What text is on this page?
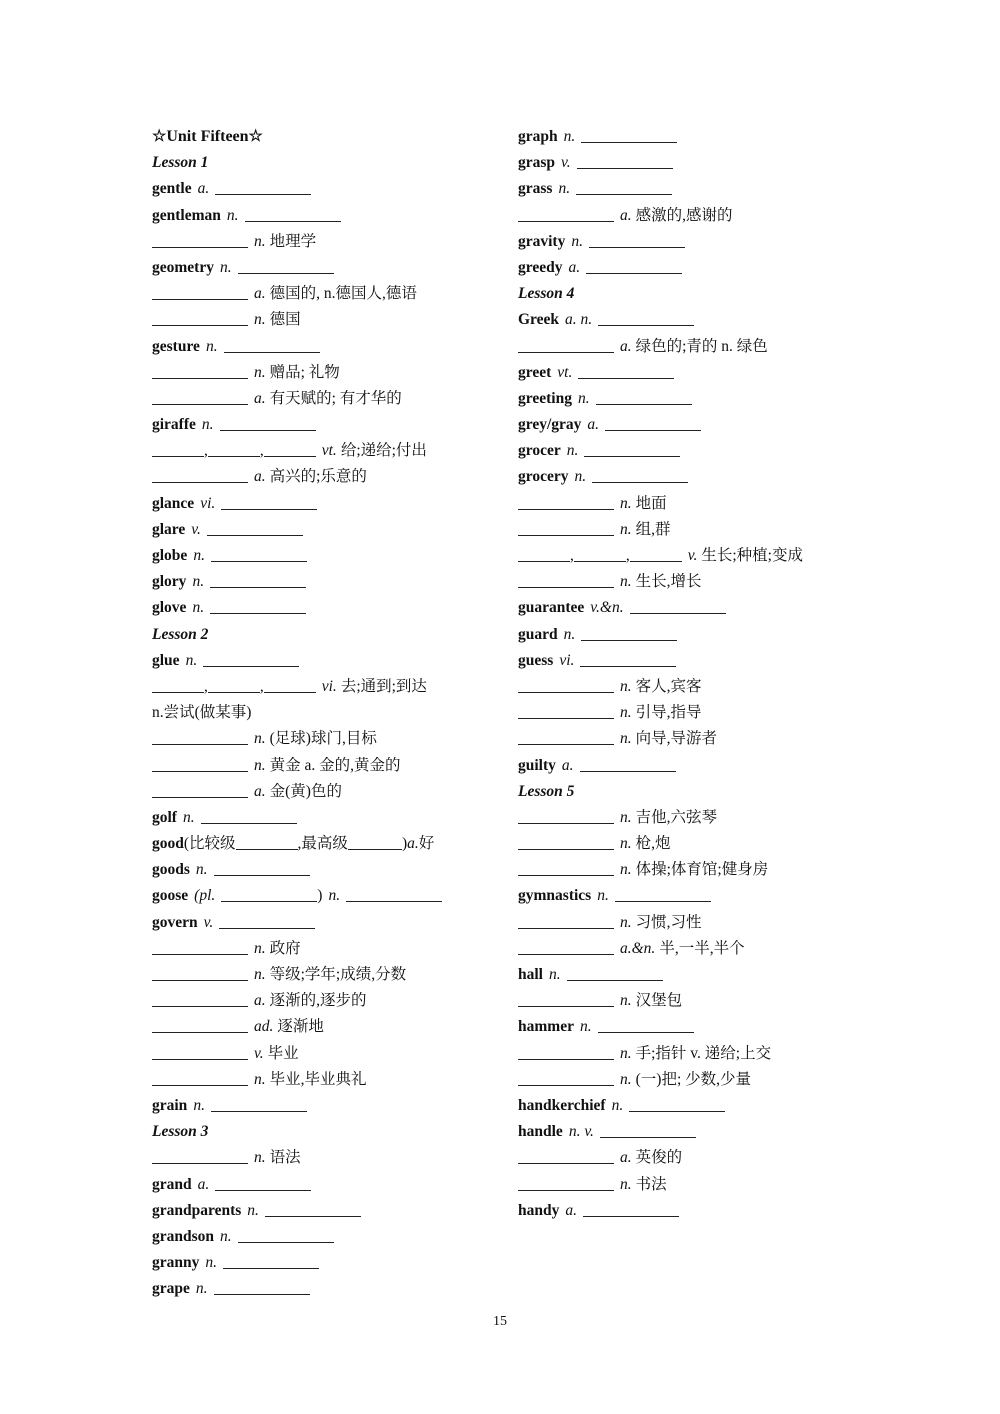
☆Unit Fifteen☆
Lesson 1
gentle a.
gentleman n.
n. 地理学
geometry n.
a. 德国的, n.德国人,德语
n. 德国
gesture n.
n. 赠品; 礼物
a. 有天赋的; 有才华的
giraffe n.
,	,	vt. 给;递给;付出
a. 高兴的;乐意的
glance vi.
glare v.
globe n.
glory n.
glove n.
Lesson 2
glue n.
,	,	vi. 去;通到;到达
n.尝试(做某事)
n. (足球)球门,目标
n. 黄金 a. 金的,黄金的
a. 金(黄)色的
golf n.
good(比较级	,最高级	)a.好
goods n.
goose (pl.	) n.
govern v.
n. 政府
n. 等级;学年;成绩,分数
a. 逐渐的,逐步的
ad. 逐渐地
v. 毕业
n. 毕业,毕业典礼
grain n.
Lesson 3
n. 语法
grand a.
grandparents n.
grandson n.
granny n.
grape n.
graph n.
grasp v.
grass n.
a. 感激的,感谢的
gravity n.
greedy a.
Lesson 4
Greek a. n.
a. 绿色的;青的 n. 绿色
greet vt.
greeting n.
grey/gray a.
grocer n.
grocery n.
n. 地面
n. 组,群
,	,	v. 生长;种植;变成
n. 生长,增长
guarantee v.&n.
guard n.
guess vi.
n. 客人,宾客
n. 引导,指导
n. 向导,导游者
guilty a.
Lesson 5
n. 吉他,六弦琴
n. 枪,炮
n. 体操;体育馆;健身房
gymnastics n.
n. 习惯,习性
a.&n. 半,一半,半个
hall n.
n. 汉堡包
hammer n.
n. 手;指针 v. 递给;上交
n. (一)把; 少数,少量
handkerchief n.
handle n. v.
a. 英俊的
n. 书法
handy a.
15
